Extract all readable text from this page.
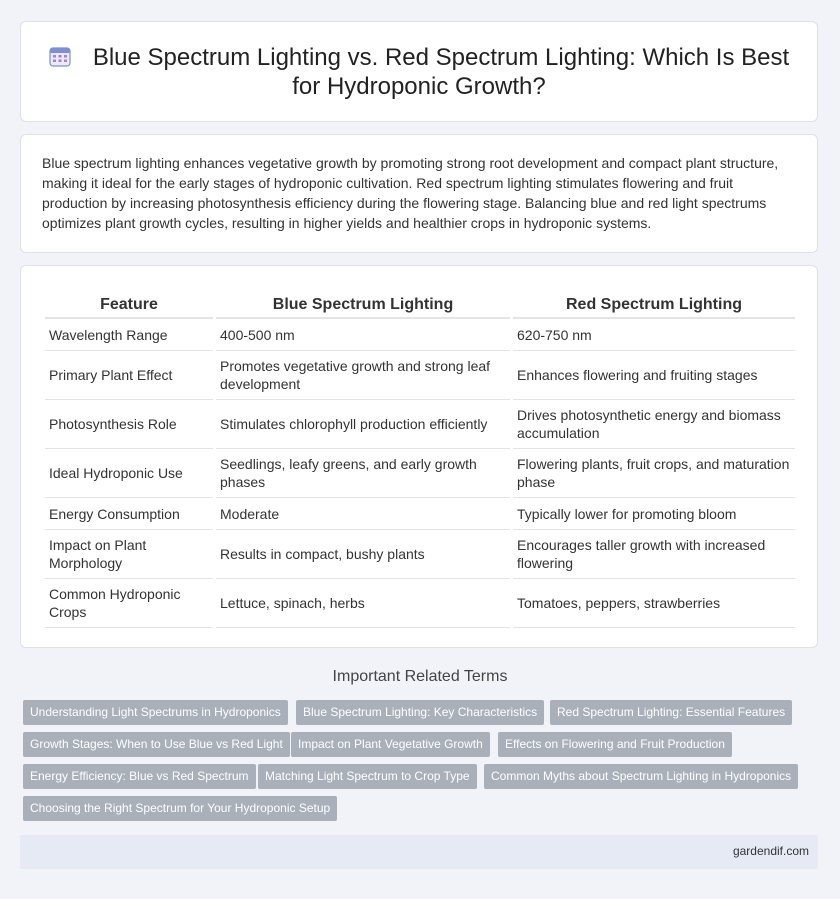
Blue Spectrum Lighting vs. Red Spectrum Lighting: Which Is Best
for Hydroponic Growth?

Blue spectrum lighting enhances vegetative growth by promoting strong root development and compact plant structure, making it ideal for the early stages of hydroponic cultivation. Red spectrum lighting stimulates flowering and fruit production by increasing photosynthesis efficiency during the flowering stage. Balancing blue and red light spectrums optimizes plant growth cycles, resulting in higher yields and healthier crops in hydroponic systems.

Feature	Blue Spectrum Lighting	Red Spectrum Lighting
Wavelength Range	400-500 nm	620-750 nm
Primary Plant Effect	Promotes vegetative growth and strong leaf development	Enhances flowering and fruiting stages
Photosynthesis Role	Stimulates chlorophyll production efficiently	Drives photosynthetic energy and biomass accumulation
Ideal Hydroponic Use	Seedlings, leafy greens, and early growth phases	Flowering plants, fruit crops, and maturation phase
Energy Consumption	Moderate	Typically lower for promoting bloom
Impact on Plant Morphology	Results in compact, bushy plants	Encourages taller growth with increased flowering
Common Hydroponic Crops	Lettuce, spinach, herbs	Tomatoes, peppers, strawberries
Important Related Terms
Understanding Light Spectrums in Hydroponics	Blue Spectrum Lighting: Key Characteristics	Red Spectrum Lighting: Essential Features
Growth Stages: When to Use Blue vs Red Light	Impact on Plant Vegetative Growth	Effects on Flowering and Fruit Production
Energy Efficiency: Blue vs Red Spectrum	Matching Light Spectrum to Crop Type	Common Myths about Spectrum Lighting in Hydroponics
Choosing the Right Spectrum for Your Hydroponic Setup
gardendif.com
